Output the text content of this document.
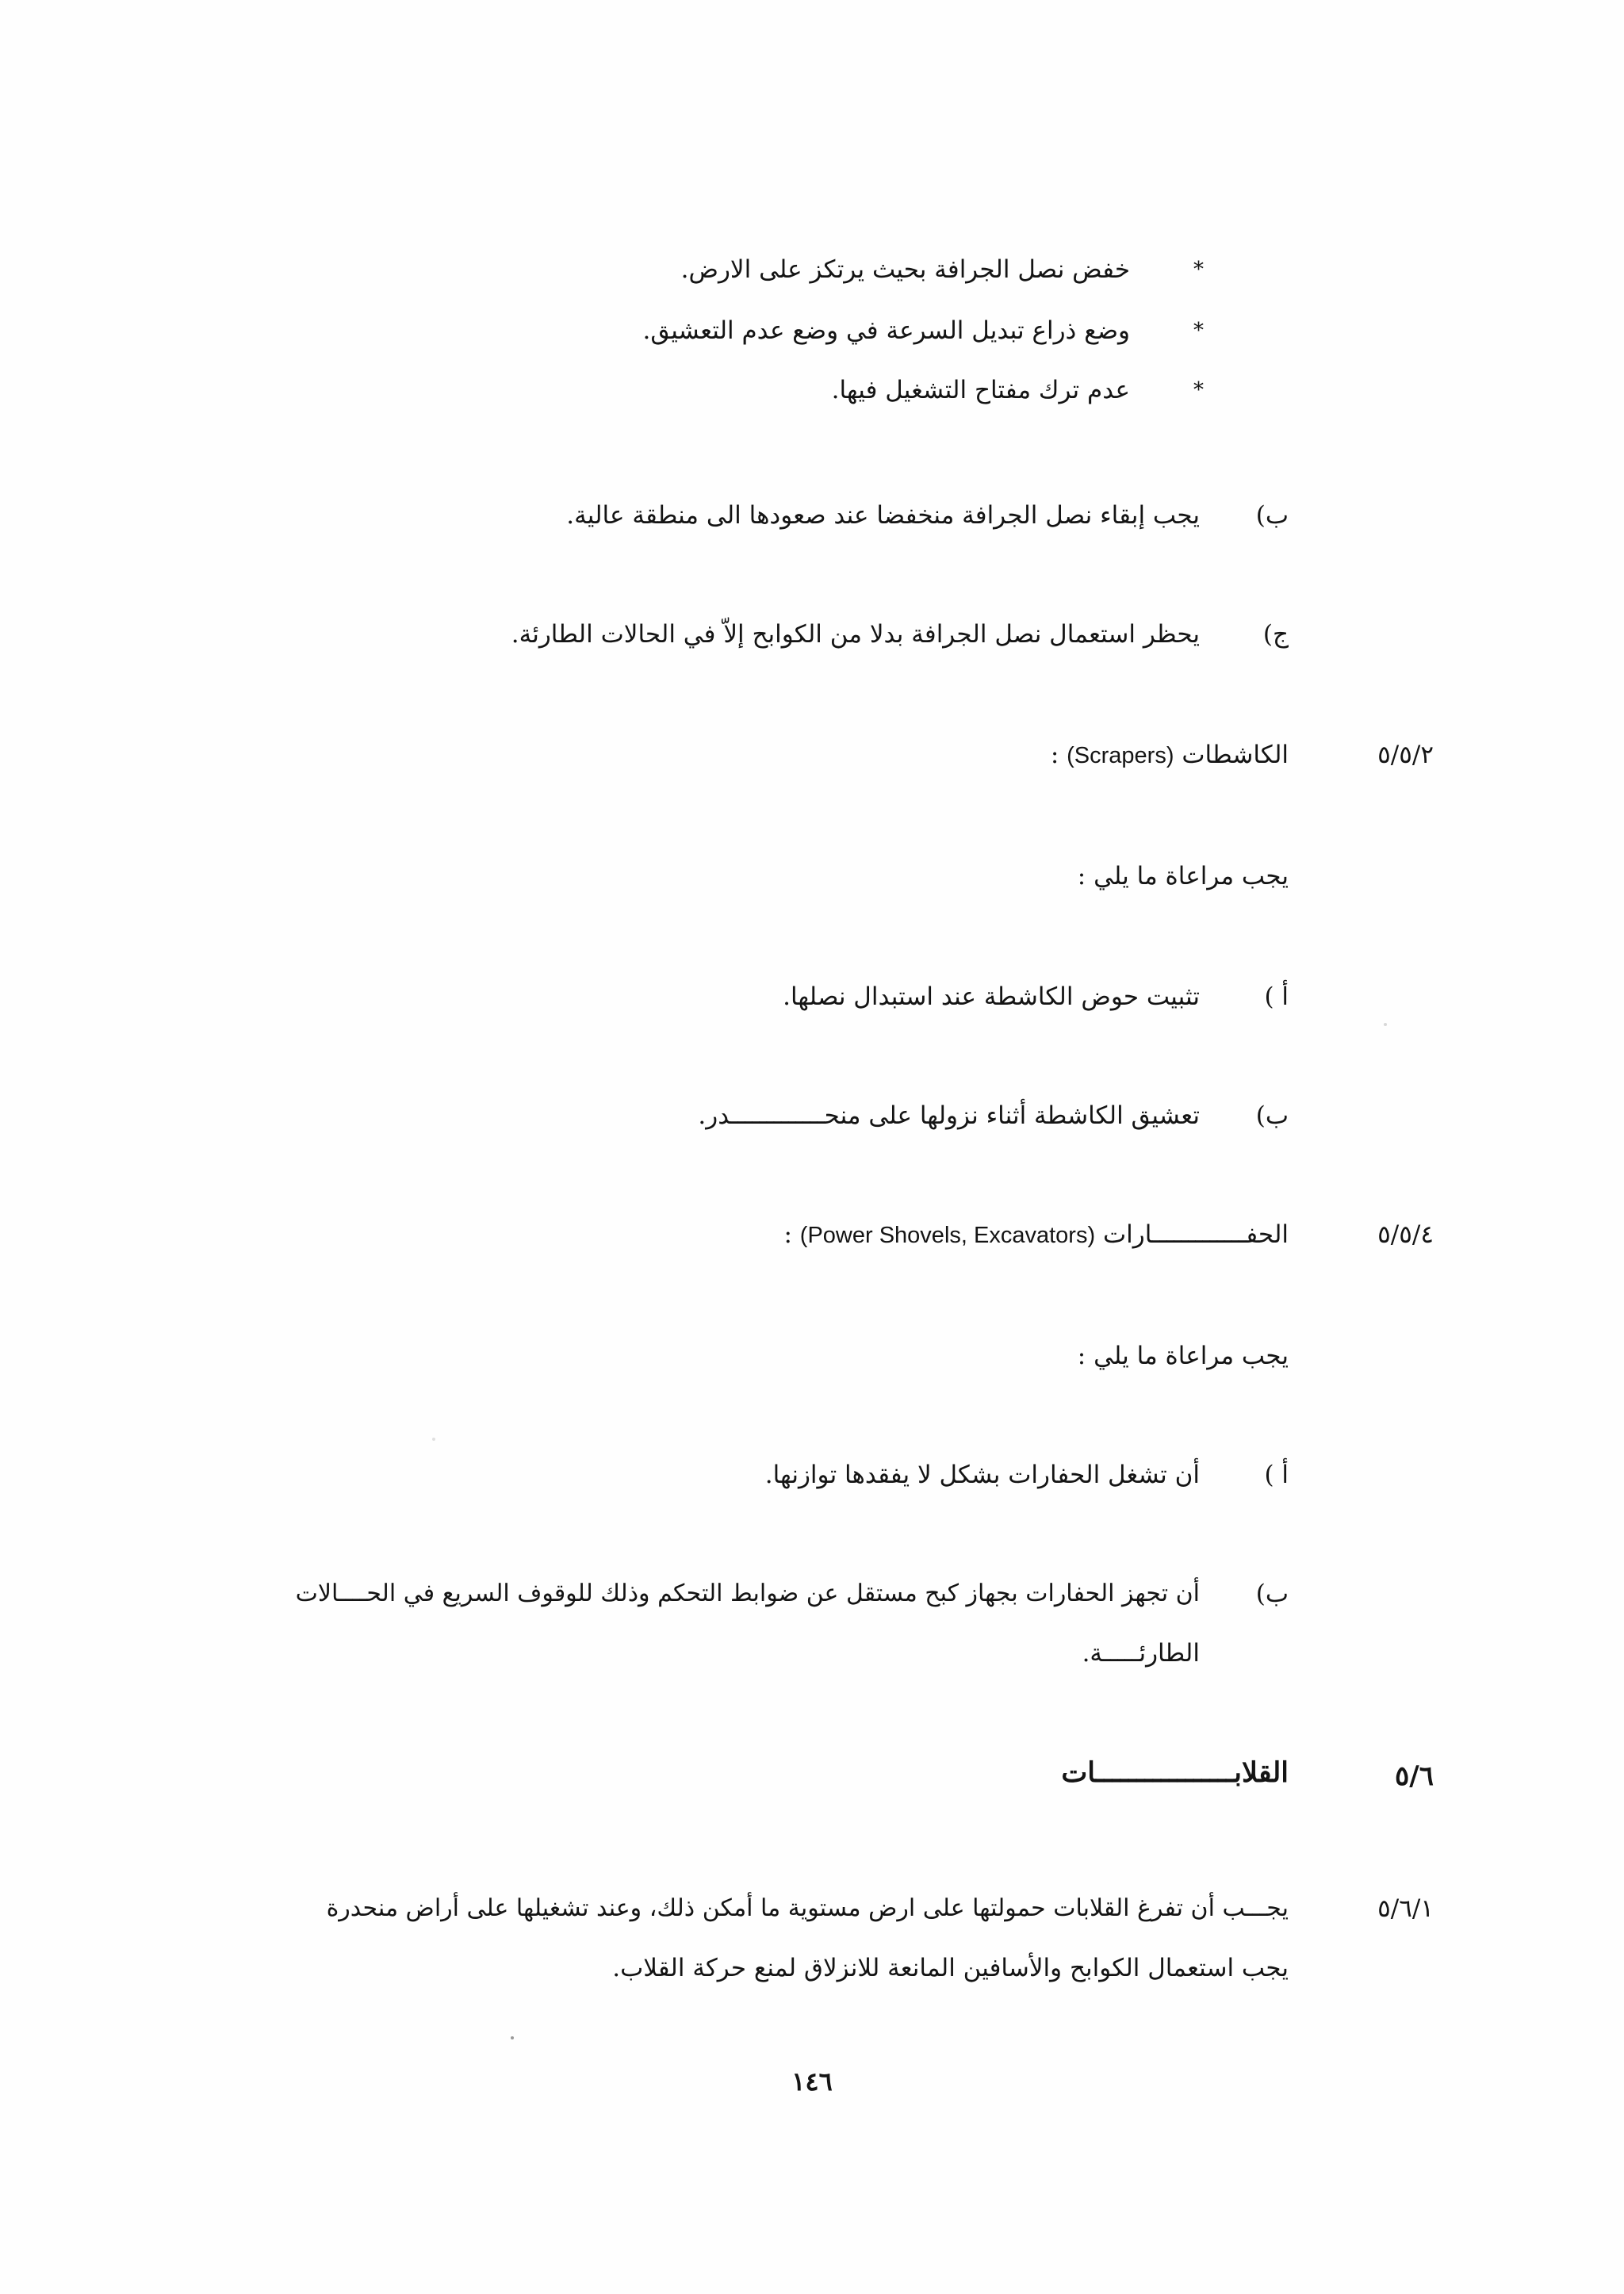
*
خفض نصل الجرافة بحيث يرتكز على الارض.
*
وضع ذراع تبديل السرعة في وضع عدم التعشيق.
*
عدم ترك مفتاح التشغيل فيها.
ب)
يجب إبقاء نصل الجرافة منخفضا عند صعودها الى منطقة عالية.
ج)
يحظر استعمال نصل الجرافة بدلا من الكوابح إلاّ في الحالات الطارئة.
٥/٥/٢
الكاشطات (Scrapers) :
يجب مراعاة ما يلي :
أ )
تثبيت حوض الكاشطة عند استبدال نصلها.
ب)
تعشيق الكاشطة أثناء نزولها على منحـــــــــــــدر.
٥/٥/٤
الحفـــــــــــــارات (Power Shovels, Excavators) :
يجب مراعاة ما يلي :
أ )
أن تشغل الحفارات بشكل لا يفقدها توازنها.
ب)
أن تجهز الحفارات بجهاز كبح مستقل عن ضوابط التحكم وذلك للوقوف السريع في الحــــالات
الطارئـــــة.
٥/٦
القلابـــــــــــــــــات
٥/٦/١
يجـــب أن تفرغ القلابات حمولتها على ارض مستوية ما أمكن ذلك، وعند تشغيلها على أراض منحدرة
يجب استعمال الكوابح والأسافين المانعة للانزلاق لمنع حركة القلاب.
١٤٦
